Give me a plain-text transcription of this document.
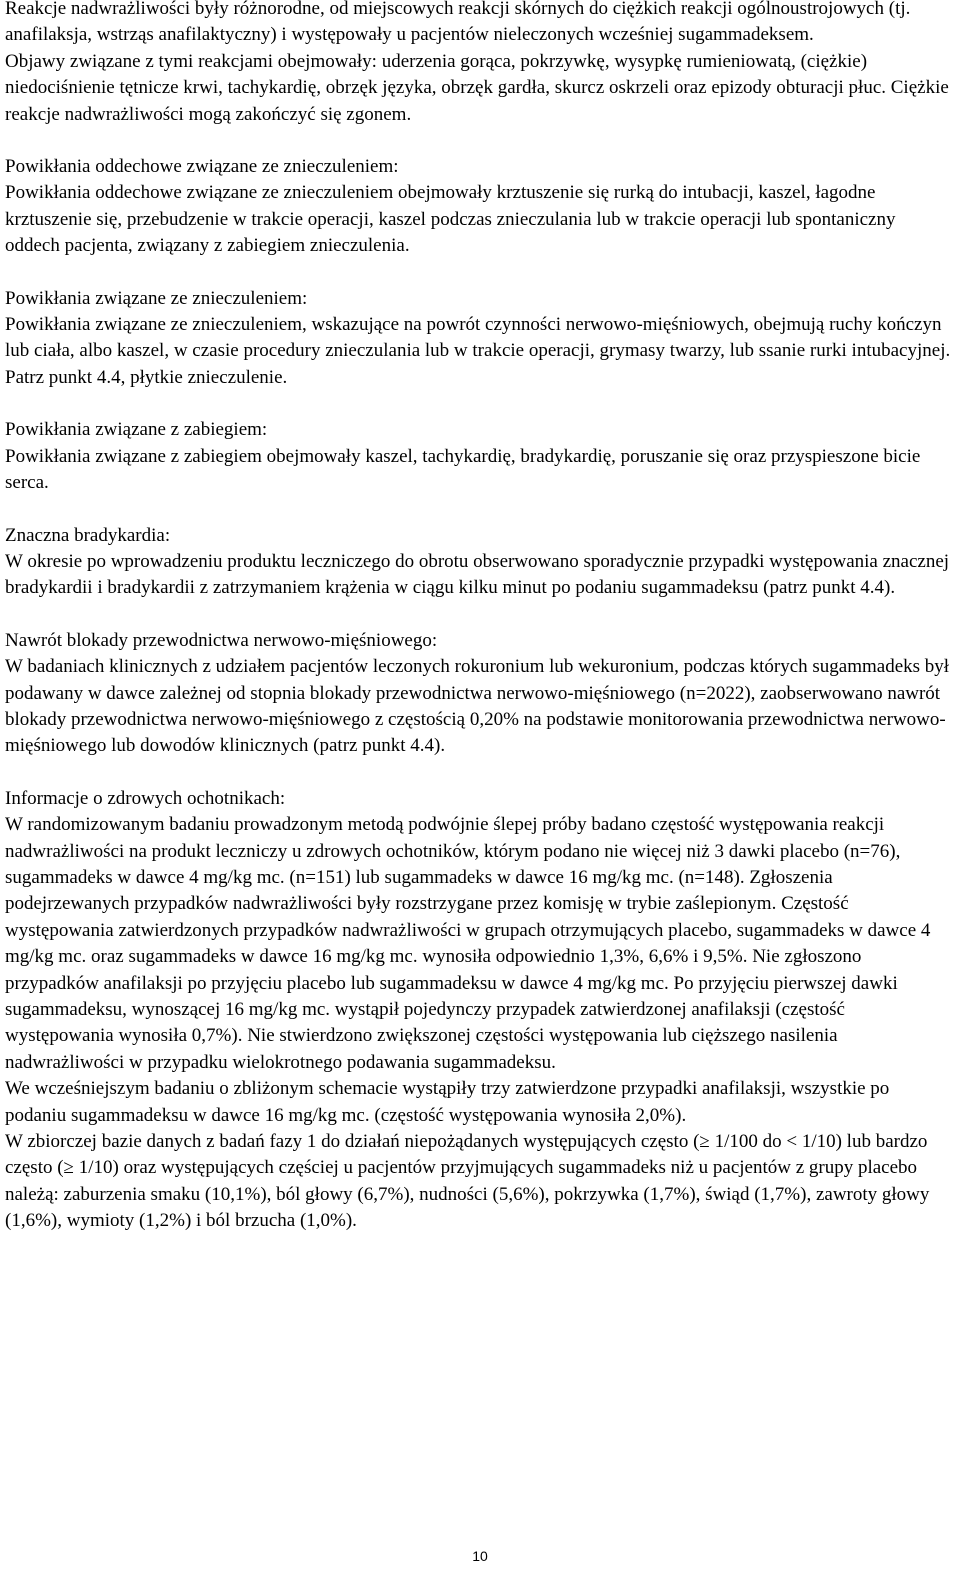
Reakcje nadwrażliwości były różnorodne, od miejscowych reakcji skórnych do ciężkich reakcji ogólnoustrojowych (tj. anafilaksja, wstrząs anafilaktyczny) i występowały u pacjentów nieleczonych wcześniej sugammadeksem.

Objawy związane z tymi reakcjami obejmowały: uderzenia gorąca, pokrzywkę, wysypkę rumieniowatą, (ciężkie) niedociśnienie tętnicze krwi, tachykardię, obrzęk języka, obrzęk gardła, skurcz oskrzeli oraz epizody obturacji płuc. Ciężkie reakcje nadwrażliwości mogą zakończyć się zgonem.

Powikłania oddechowe związane ze znieczuleniem:
Powikłania oddechowe związane ze znieczuleniem obejmowały krztuszenie się rurką do intubacji, kaszel, łagodne krztuszenie się, przebudzenie w trakcie operacji, kaszel podczas znieczulania lub w trakcie operacji lub spontaniczny oddech pacjenta, związany z zabiegiem znieczulenia.
Powikłania związane ze znieczuleniem:
Powikłania związane ze znieczuleniem, wskazujące na powrót czynności nerwowo-mięśniowych, obejmują ruchy kończyn lub ciała, albo kaszel, w czasie procedury znieczulania lub w trakcie operacji, grymasy twarzy, lub ssanie rurki intubacyjnej. Patrz punkt 4.4, płytkie znieczulenie.
Powikłania związane z zabiegiem:
Powikłania związane z zabiegiem obejmowały kaszel, tachykardię, bradykardię, poruszanie się oraz przyspieszone bicie serca.
Znaczna bradykardia:
W okresie po wprowadzeniu produktu leczniczego do obrotu obserwowano sporadycznie przypadki występowania znacznej bradykardii i bradykardii z zatrzymaniem krążenia w ciągu kilku minut po podaniu sugammadeksu (patrz punkt 4.4).
Nawrót blokady przewodnictwa nerwowo-mięśniowego:
W badaniach klinicznych z udziałem pacjentów leczonych rokuronium lub wekuronium, podczas których sugammadeks był podawany w dawce zależnej od stopnia blokady przewodnictwa nerwowo-mięśniowego (n=2022), zaobserwowano nawrót blokady przewodnictwa nerwowo-mięśniowego z częstością 0,20% na podstawie monitorowania przewodnictwa nerwowo-mięśniowego lub dowodów klinicznych (patrz punkt 4.4).
Informacje o zdrowych ochotnikach:
W randomizowanym badaniu prowadzonym metodą podwójnie ślepej próby badano częstość występowania reakcji nadwrażliwości na produkt leczniczy u zdrowych ochotników, którym podano nie więcej niż 3 dawki placebo (n=76), sugammadeks w dawce 4 mg/kg mc. (n=151) lub sugammadeks w dawce 16 mg/kg mc. (n=148). Zgłoszenia podejrzewanych przypadków nadwrażliwości były rozstrzygane przez komisję w trybie zaślepionym. Częstość występowania zatwierdzonych przypadków nadwrażliwości w grupach otrzymujących placebo, sugammadeks w dawce 4 mg/kg mc. oraz sugammadeks w dawce 16 mg/kg mc. wynosiła odpowiednio 1,3%, 6,6% i 9,5%. Nie zgłoszono przypadków anafilaksji po przyjęciu placebo lub sugammadeksu w dawce 4 mg/kg mc. Po przyjęciu pierwszej dawki sugammadeksu, wynoszącej 16 mg/kg mc. wystąpił pojedynczy przypadek zatwierdzonej anafilaksji (częstość występowania wynosiła 0,7%). Nie stwierdzono zwiększonej częstości występowania lub cięższego nasilenia nadwrażliwości w przypadku wielokrotnego podawania sugammadeksu.
We wcześniejszym badaniu o zbliżonym schemacie wystąpiły trzy zatwierdzone przypadki anafilaksji, wszystkie po podaniu sugammadeksu w dawce 16 mg/kg mc. (częstość występowania wynosiła 2,0%).
W zbiorczej bazie danych z badań fazy 1 do działań niepożądanych występujących często (≥ 1/100 do < 1/10) lub bardzo często (≥ 1/10) oraz występujących częściej u pacjentów przyjmujących sugammadeks niż u pacjentów z grupy placebo należą: zaburzenia smaku (10,1%), ból głowy (6,7%), nudności (5,6%), pokrzywka (1,7%), świąd (1,7%), zawroty głowy (1,6%), wymioty (1,2%) i ból brzucha (1,0%).
10
